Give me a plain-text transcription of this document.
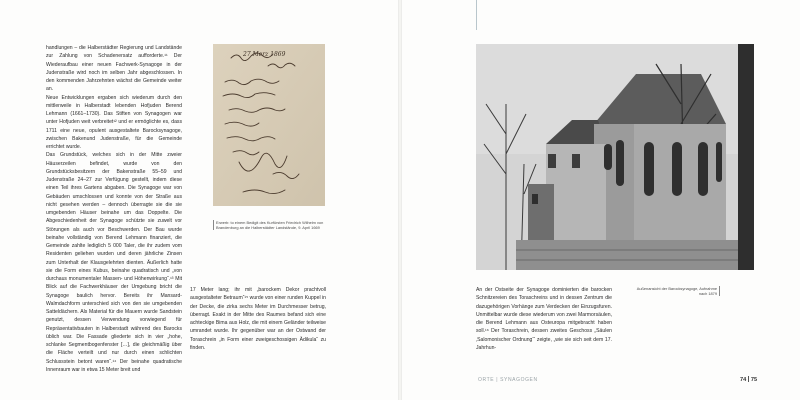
handlungen – die Halberstädter Regierung und Landstände zur Zahlung von Schadenersatz aufforderte.¹¹ Der Wiederaufbau einer neuen Fachwerk-Synagoge in der Judenstraße wird noch im selben Jahr abgeschlossen. In den kommenden Jahrzehnten wächst die Gemeinde weiter an.

Neue Entwicklungen ergaben sich wiederum durch den mittlerweile in Halberstadt lebenden Hofjuden Berend Lehmann (1661–1730). Das Stiften von Synagogen war unter Hofjuden weit verbreitet¹² und er ermöglichte es, dass 1711 eine neue, opulent ausgestaltete Barocksynagoge, zwischen Bakenund Judenstraße, für die Gemeinde errichtet wurde.

Das Grundstück, welches sich in der Mitte zweier Häuserzeilen befindet, wurde von den Grundstücksbesitzern der Bakenstraße 55–59 und Judenstraße 24–27 zur Verfügung gestellt, indem diese einen Teil ihres Gartens abgaben. Die Synagoge war von Gebäuden umschlossen und konnte von der Straße aus nicht gesehen werden – dennoch überragte sie die sie umgebenden Häuser beinahe um das Doppelte. Die Abgeschiedenheit der Synagoge schützte sie zuwelt vor Störungen als auch vor Beschwerden. Der Bau wurde beinahe vollständig von Berend Lehmann finanziert, die Gemeinde zahlte lediglich 5 000 Taler, die ihr zudem vom Residenten geliehen wurden und deren jährliche Zinsen zum Unterhalt der Klausgelehrten dienten. Äußerlich hatte sie die Form eines Kubus, beinahe quadratisch und „von durchaus monumentaler Massen- und Höhenwirkung“.¹³ Mit Blick auf die Fachwerkhäuser der Umgebung bricht die Synagoge baulich hervor. Bereits ihr Mansard-Walmdachform unterschied sich von den sie umgebenden Satteldächern. Als Material für die Mauern wurde Sandstein genutzt, dessen Verwendung vorwiegend für Repräsentativbauten in Halberstadt während des Barocks üblich war. Die Fassade gliederte sich in vier „hohe, schlanke Segmentbogenfenster […], die gleichmäßig über die Fläche verteilt und nur durch einen schlichten Schlussstein betont waren“.¹⁴ Der beinahe quadratische Innenraum war in etwa 15 Meter breit und

27 Merz 1869
Erwerb: to einem Bedigit des Kurfürsten Friedrich Wilhelm von Brandenburg an die Halberstädter Landstände, 9. April 1669

17 Meter lang; ihr mit „barockem Dekor prachtvoll ausgestalteter Betraum“¹⁵ wurde von einer runden Kuppel in der Decke, die zirka sechs Meter im Durchmesser betrug, überragt. Exakt in der Mitte des Raumes befand sich eine achteckige Bima aus Holz, die mit einem Geländer teilweise umrandet wurde. Ihr gegenüber war an der Ostwand der Toraschrein „in Form einer zweigeschossigen Ädikula“ zu finden.

Außenansicht der Barocksynagoge, Aufnahme nach 1879

An der Ostseite der Synagoge dominierten die barocken Schnitzereien des Toraschreins und in dessen Zentrum die dazugehörigen Vorhänge zum Verdecken der Einzugsfuren. Unmittelbar wurde diese wiederum von zwei Marmorsäulen, die Berend Lehmann aus Osteuropa mitgebracht haben soll.¹⁶ Der Toraschrein, dessen zweites Geschoss „Säulen ‚Salomonischer Ordnung‘“ zeigte, „wie sie sich seit dem 17. Jahrhun-

ORTE | SYNAGOGEN	74 75
